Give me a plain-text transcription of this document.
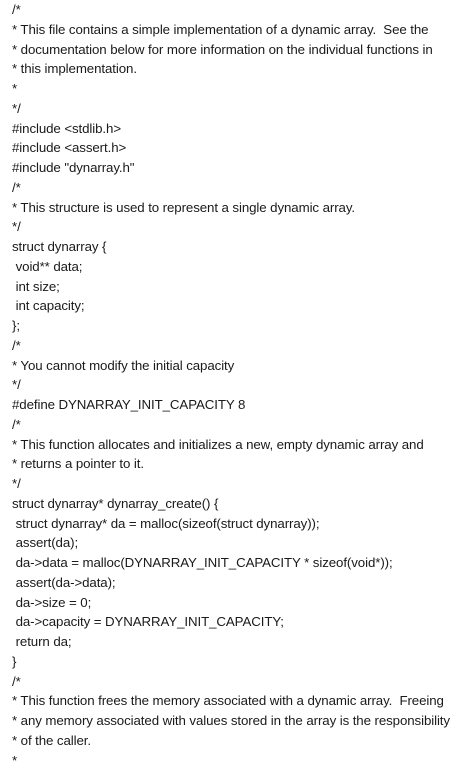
/*
* This file contains a simple implementation of a dynamic array.  See the
* documentation below for more information on the individual functions in
* this implementation.
*
*/
#include <stdlib.h>
#include <assert.h>
#include "dynarray.h"
/*
* This structure is used to represent a single dynamic array.
*/
struct dynarray {
void** data;
int size;
int capacity;
};
/*
* You cannot modify the initial capacity
*/
#define DYNARRAY_INIT_CAPACITY 8
/*
* This function allocates and initializes a new, empty dynamic array and
* returns a pointer to it.
*/
struct dynarray* dynarray_create() {
struct dynarray* da = malloc(sizeof(struct dynarray));
assert(da);
da->data = malloc(DYNARRAY_INIT_CAPACITY * sizeof(void*));
assert(da->data);
da->size = 0;
da->capacity = DYNARRAY_INIT_CAPACITY;
return da;
}
/*
* This function frees the memory associated with a dynamic array.  Freeing
* any memory associated with values stored in the array is the responsibility
* of the caller.
*
